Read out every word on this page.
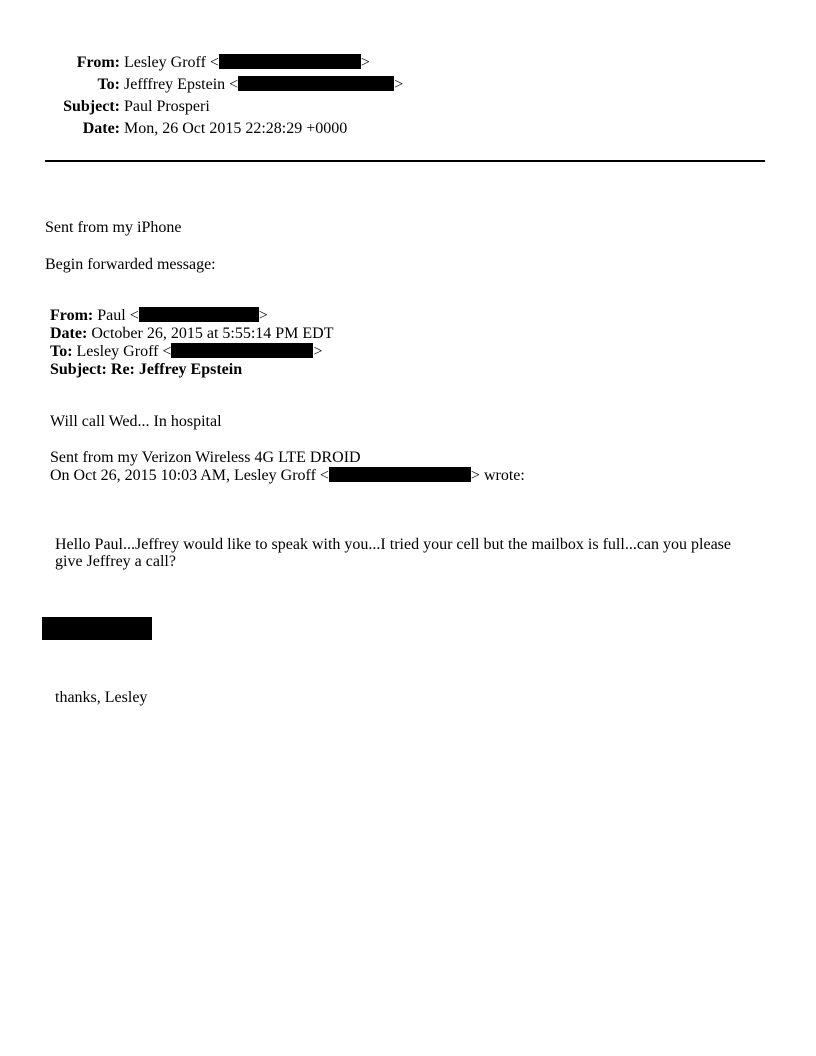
From: Lesley Groff <	>
To: Jefffrey Epstein <	>
Subject: Paul Prosperi
Date: Mon, 26 Oct 2015 22:28:29 +0000
Sent from my iPhone
Begin forwarded message:
From: Paul <	>
Date: October 26, 2015 at 5:55:14 PM EDT
To: Lesley Groff <	>
Subject: Re: Jeffrey Epstein
Will call Wed... In hospital
Sent from my Verizon Wireless 4G LTE DROID
On Oct 26, 2015 10:03 AM, Lesley Groff <	> wrote:
Hello Paul...Jeffrey would like to speak with you...I tried your cell but the mailbox is full...can you please give Jeffrey a call?
thanks, Lesley
